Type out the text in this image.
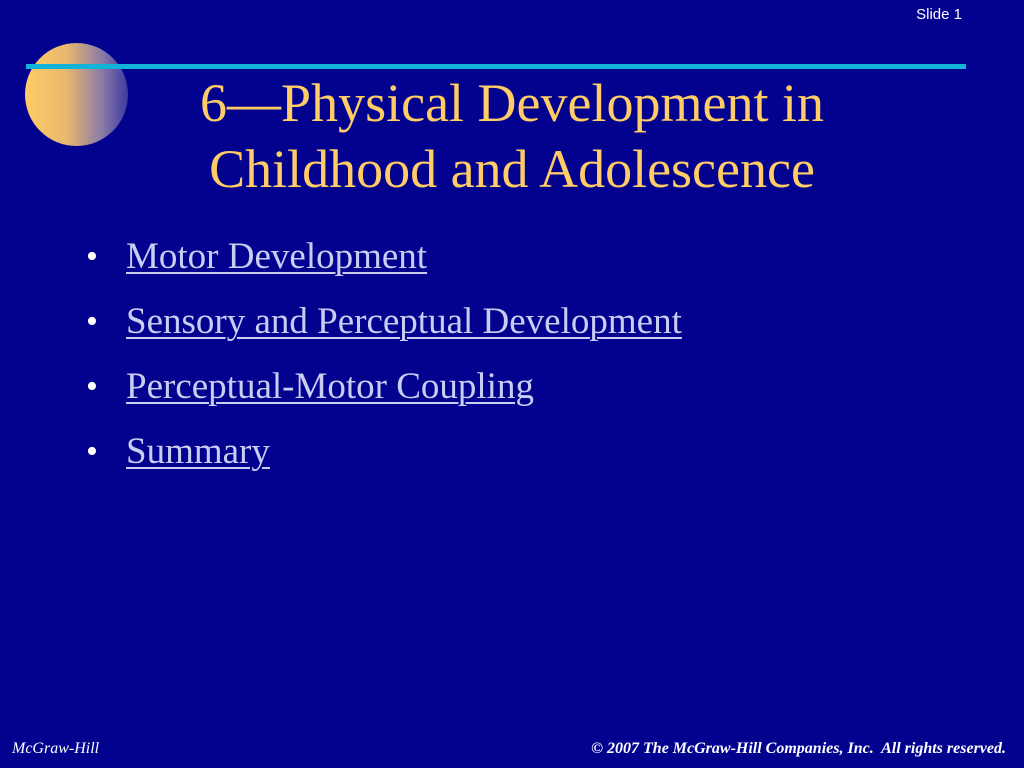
Slide 1
6—Physical Development in
Childhood and Adolescence
• Motor Development
• Sensory and Perceptual Development
• Perceptual-Motor Coupling
• Summary
McGraw-Hill	© 2007 The McGraw-Hill Companies, Inc.  All rights reserved.
